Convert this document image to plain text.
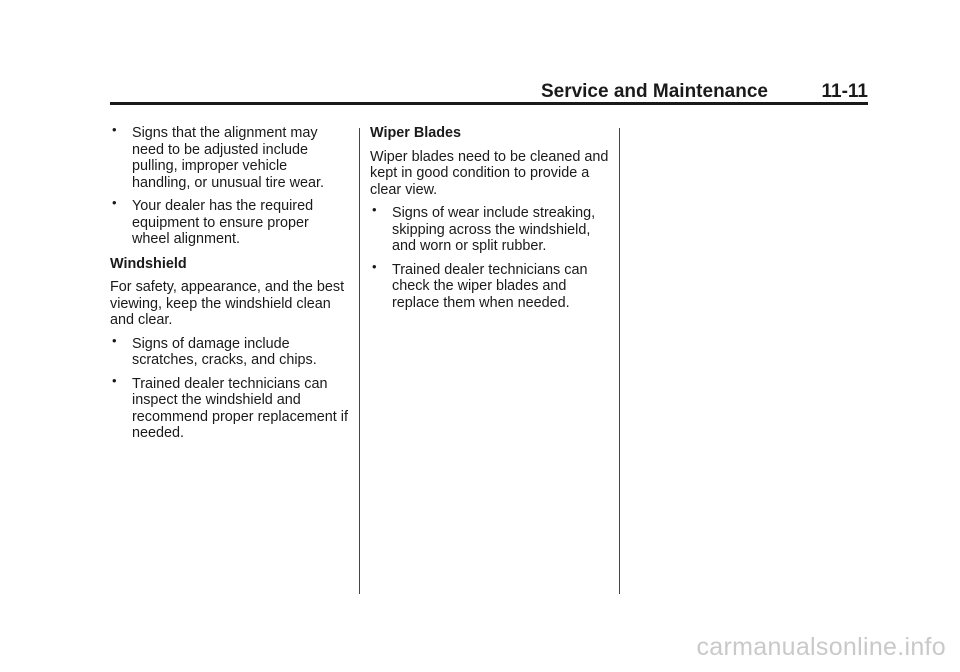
Service and Maintenance	11-11
• Signs that the alignment may need to be adjusted include pulling, improper vehicle handling, or unusual tire wear.
• Your dealer has the required equipment to ensure proper wheel alignment.
Windshield
For safety, appearance, and the best viewing, keep the windshield clean and clear.
• Signs of damage include scratches, cracks, and chips.
• Trained dealer technicians can inspect the windshield and recommend proper replacement if needed.
Wiper Blades
Wiper blades need to be cleaned and kept in good condition to provide a clear view.
• Signs of wear include streaking, skipping across the windshield, and worn or split rubber.
• Trained dealer technicians can check the wiper blades and replace them when needed.
carmanualsonline.info
